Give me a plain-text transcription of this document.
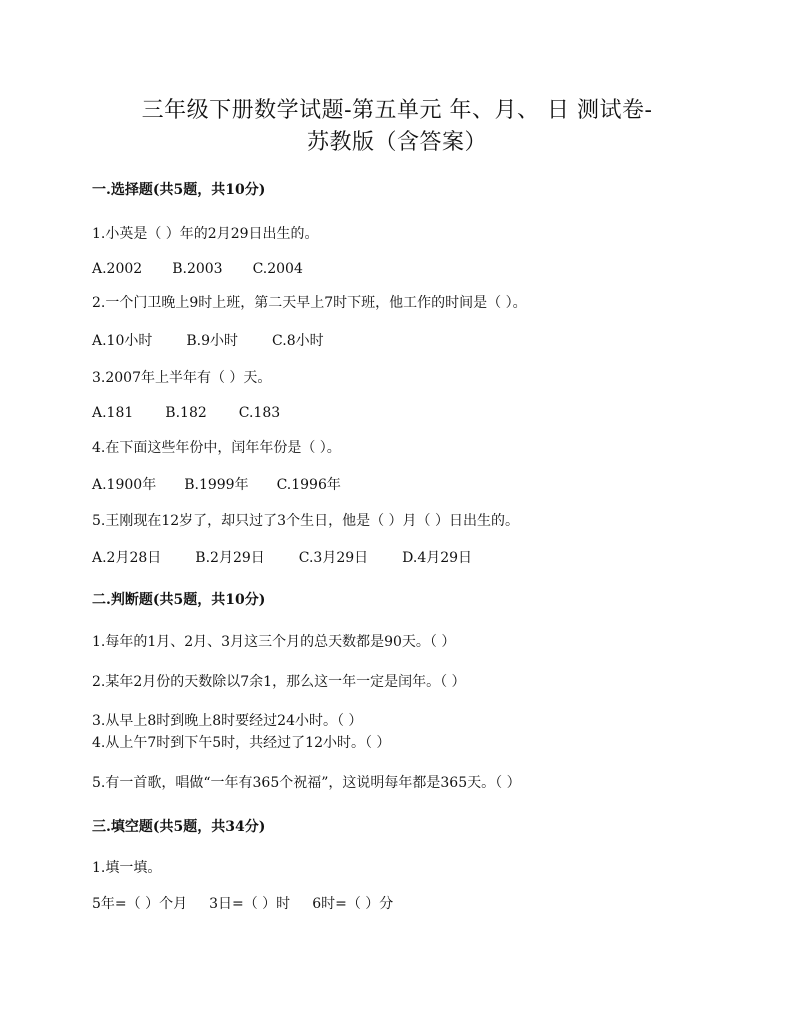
三年级下册数学试题-第五单元 年、月、 日 测试卷-
苏教版（含答案）
一.选择题(共5题，共10分)
1.小英是（ ）年的2月29日出生的。
A.2002 B.2003 C.2004
2.一个门卫晚上9时上班，第二天早上7时下班，他工作的时间是（ ）。
A.10小时 B.9小时 C.8小时
3.2007年上半年有（ ）天。
A.181 B.182 C.183
4.在下面这些年份中，闰年年份是（ ）。
A.1900年 B.1999年 C.1996年
5.王刚现在12岁了，却只过了3个生日，他是（ ）月（ ）日出生的。
A.2月28日 B.2月29日 C.3月29日 D.4月29日
二.判断题(共5题，共10分)
1.每年的1月、2月、3月这三个月的总天数都是90天。（ ）
2.某年2月份的天数除以7余1，那么这一年一定是闰年。（ ）
3.从早上8时到晚上8时要经过24小时。（ ）
4.从上午7时到下午5时，共经过了12小时。（ ）
5.有一首歌，唱做“一年有365个祝福”，这说明每年都是365天。（ ）
三.填空题(共5题，共34分)
1.填一填。
5年=（ ）个月 3日=（ ）时 6时=（ ）分
